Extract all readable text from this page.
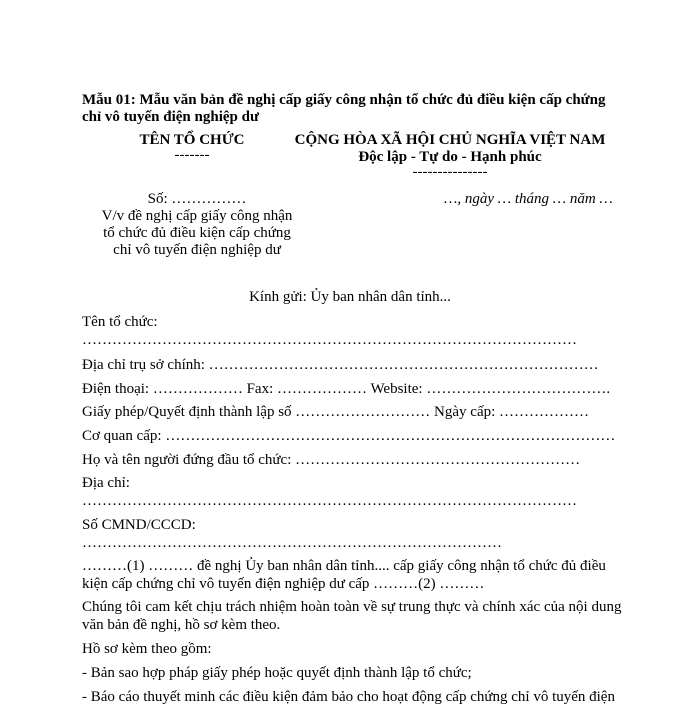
Mẫu 01: Mẫu văn bản đề nghị cấp giấy công nhận tổ chức đủ điều kiện cấp chứng
chỉ vô tuyến điện nghiệp dư
TÊN TỔ CHỨC
-------
CỘNG HÒA XÃ HỘI CHỦ NGHĨA VIỆT NAM
Độc lập - Tự do - Hạnh phúc
---------------
Số: ……………
V/v đề nghị cấp giấy công nhận
tổ chức đủ điều kiện cấp chứng
chỉ vô tuyến điện nghiệp dư
…, ngày … tháng … năm …
Kính gửi: Ủy ban nhân dân tỉnh...
Tên tổ chức:
………………………………………………………………………………………
Địa chỉ trụ sở chính: ……………………………………………………………………
Điện thoại: ……………… Fax: ……………… Website: ……………………………….
Giấy phép/Quyết định thành lập số ……………………… Ngày cấp: ………………
Cơ quan cấp: ………………………………………………………………………………
Họ và tên người đứng đầu tổ chức: …………………………………………………
Địa chỉ:
………………………………………………………………………………………
Số CMND/CCCD:
…………………………………………………………………………
………(1) ……… đề nghị Ủy ban nhân dân tỉnh.... cấp giấy công nhận tổ chức đủ điều
kiện cấp chứng chỉ vô tuyến điện nghiệp dư cấp ………(2) ………
Chúng tôi cam kết chịu trách nhiệm hoàn toàn về sự trung thực và chính xác của nội dung
văn bản đề nghị, hồ sơ kèm theo.
Hồ sơ kèm theo gồm:
- Bản sao hợp pháp giấy phép hoặc quyết định thành lập tổ chức;
- Báo cáo thuyết minh các điều kiện đảm bảo cho hoạt động cấp chứng chỉ vô tuyến điện
